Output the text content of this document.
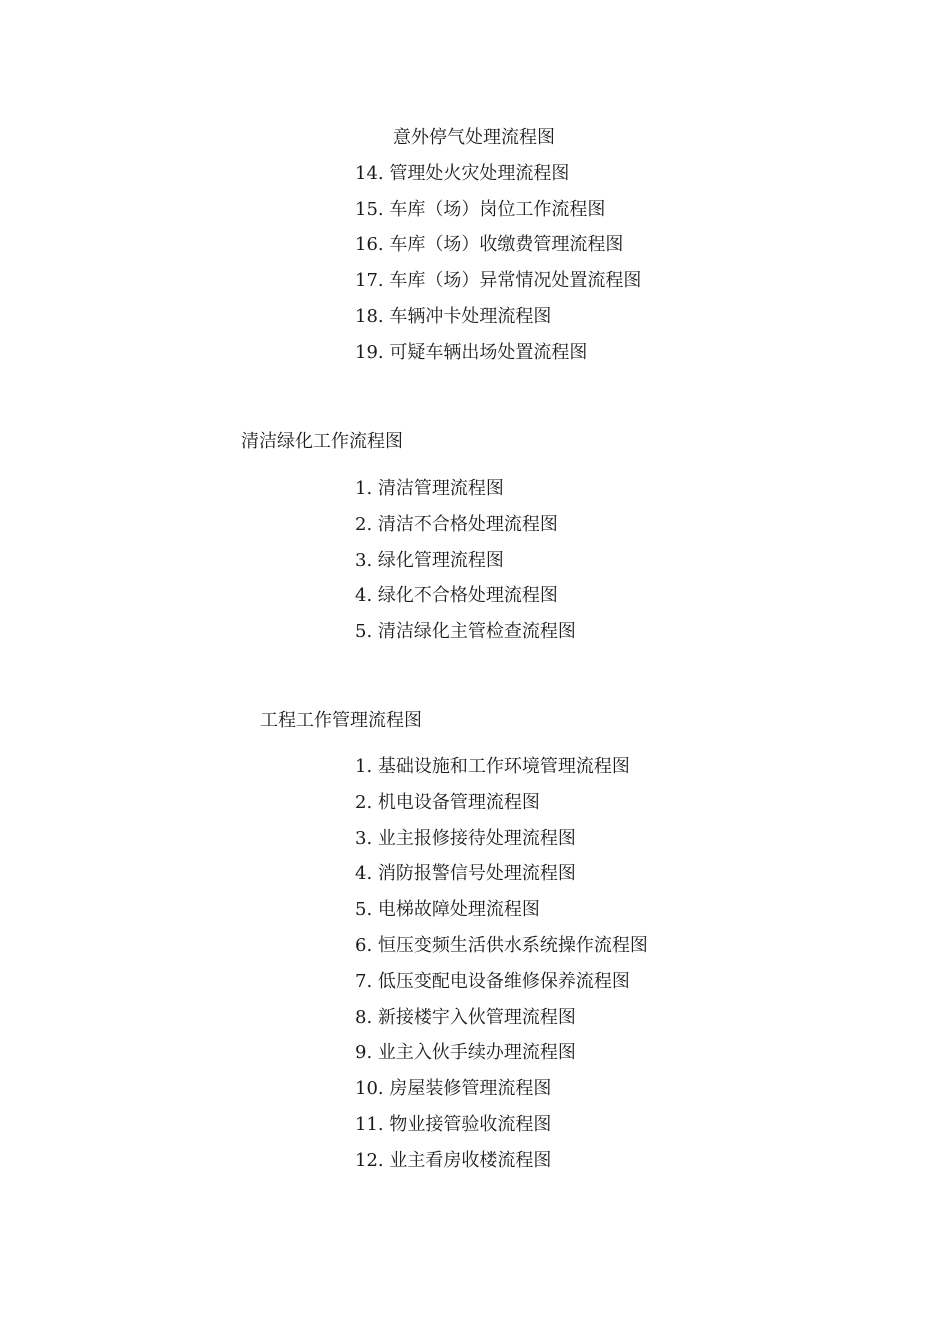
意外停气处理流程图
14. 管理处火灾处理流程图
15. 车库（场）岗位工作流程图
16. 车库（场）收缴费管理流程图
17. 车库（场）异常情况处置流程图
18. 车辆冲卡处理流程图
19. 可疑车辆出场处置流程图
清洁绿化工作流程图
1. 清洁管理流程图
2. 清洁不合格处理流程图
3. 绿化管理流程图
4. 绿化不合格处理流程图
5. 清洁绿化主管检查流程图
工程工作管理流程图
1. 基础设施和工作环境管理流程图
2. 机电设备管理流程图
3. 业主报修接待处理流程图
4. 消防报警信号处理流程图
5. 电梯故障处理流程图
6. 恒压变频生活供水系统操作流程图
7. 低压变配电设备维修保养流程图
8. 新接楼宇入伙管理流程图
9. 业主入伙手续办理流程图
10. 房屋装修管理流程图
11. 物业接管验收流程图
12. 业主看房收楼流程图
